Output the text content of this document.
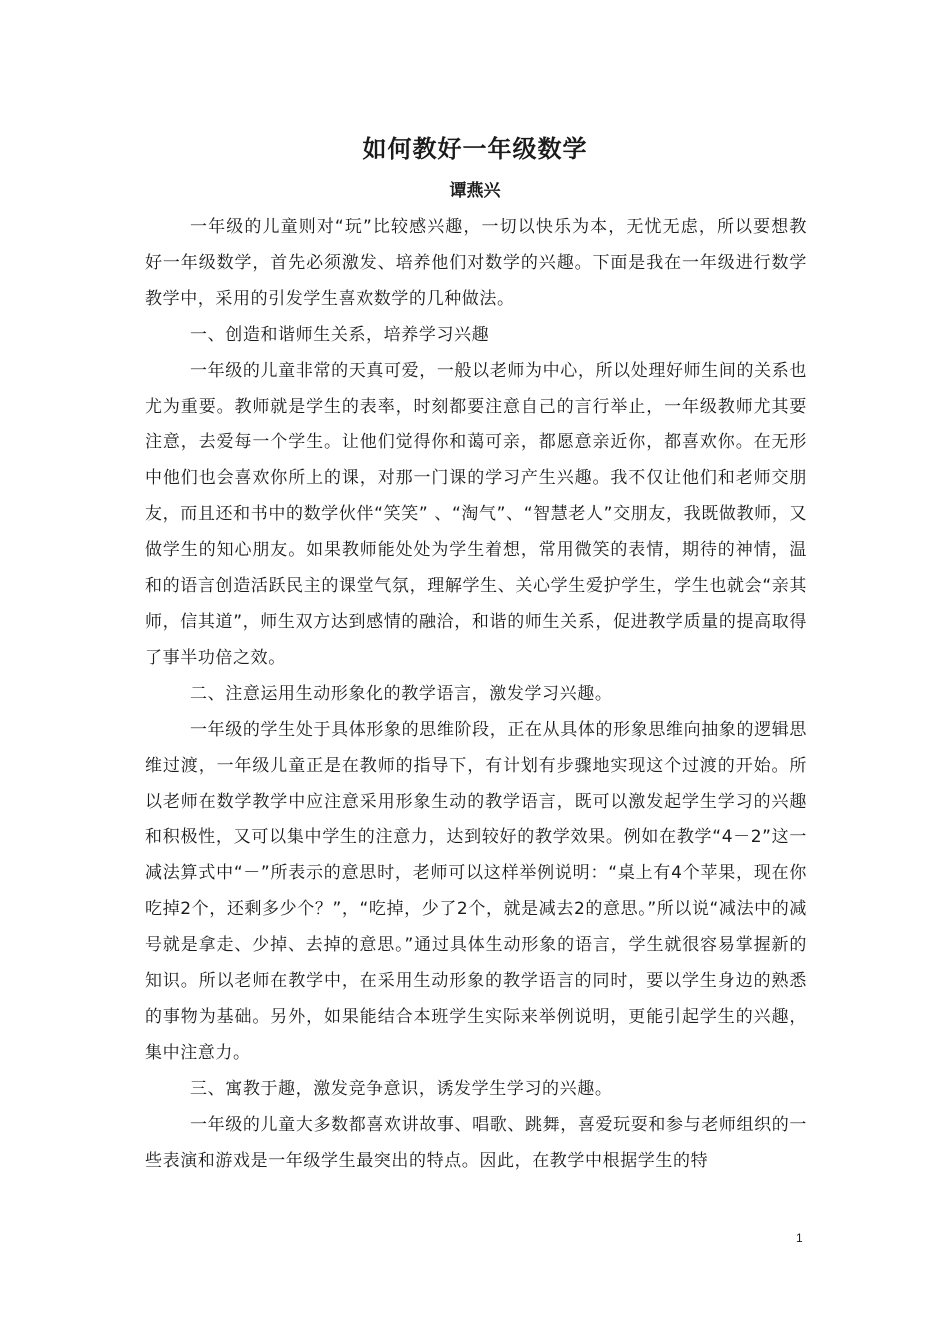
如何教好一年级数学
谭燕兴

一年级的儿童则对“玩”比较感兴趣，一切以快乐为本，无忧无虑，所以要想教好一年级数学，首先必须激发、培养他们对数学的兴趣。下面是我在一年级进行数学教学中，采用的引发学生喜欢数学的几种做法。

一、创造和谐师生关系，培养学习兴趣

一年级的儿童非常的天真可爱，一般以老师为中心，所以处理好师生间的关系也尤为重要。教师就是学生的表率，时刻都要注意自己的言行举止，一年级教师尤其要注意，去爱每一个学生。让他们觉得你和蔼可亲，都愿意亲近你，都喜欢你。在无形中他们也会喜欢你所上的课，对那一门课的学习产生兴趣。我不仅让他们和老师交朋友，而且还和书中的数学伙伴“笑笑” 、“淘气”、“智慧老人”交朋友，我既做教师，又做学生的知心朋友。如果教师能处处为学生着想，常用微笑的表情，期待的神情，温和的语言创造活跃民主的课堂气氛，理解学生、关心学生爱护学生，学生也就会“亲其师，信其道”，师生双方达到感情的融洽，和谐的师生关系，促进教学质量的提高取得了事半功倍之效。

二、注意运用生动形象化的教学语言，激发学习兴趣。

一年级的学生处于具体形象的思维阶段，正在从具体的形象思维向抽象的逻辑思维过渡，一年级儿童正是在教师的指导下，有计划有步骤地实现这个过渡的开始。所以老师在数学教学中应注意采用形象生动的教学语言，既可以激发起学生学习的兴趣和积极性，又可以集中学生的注意力，达到较好的教学效果。例如在教学“4－2”这一减法算式中“－”所表示的意思时，老师可以这样举例说明：“桌上有4个苹果，现在你吃掉2个，还剩多少个？”，“吃掉，少了2个，就是减去2的意思。”所以说“减法中的减号就是拿走、少掉、去掉的意思。”通过具体生动形象的语言，学生就很容易掌握新的知识。所以老师在教学中，在采用生动形象的教学语言的同时，要以学生身边的熟悉的事物为基础。另外，如果能结合本班学生实际来举例说明，更能引起学生的兴趣，集中注意力。

三、寓教于趣，激发竞争意识，诱发学生学习的兴趣。

一年级的儿童大多数都喜欢讲故事、唱歌、跳舞，喜爱玩耍和参与老师组织的一些表演和游戏是一年级学生最突出的特点。因此，在教学中根据学生的特

1
